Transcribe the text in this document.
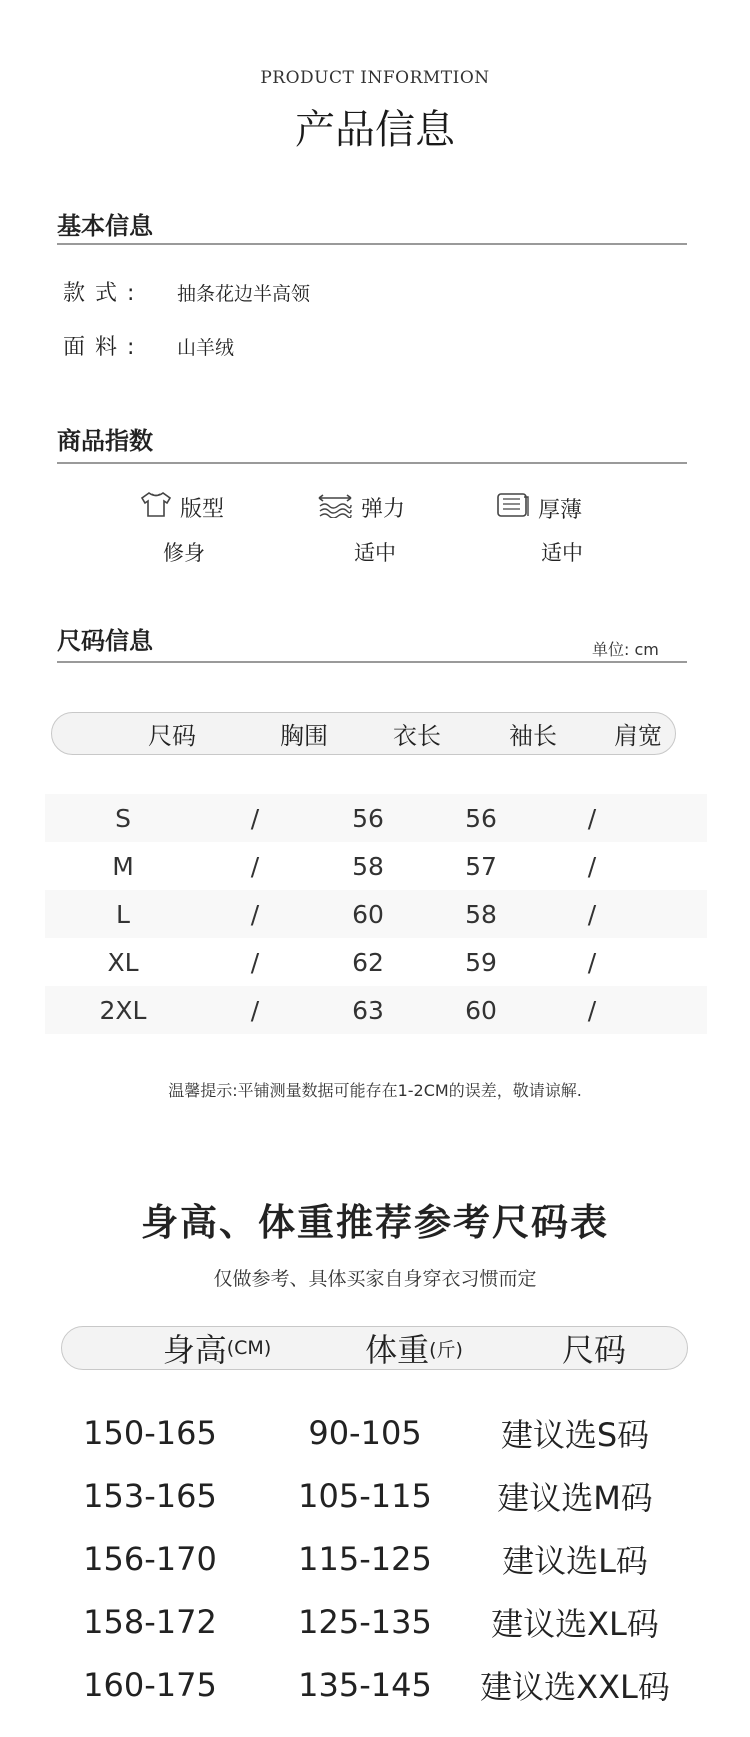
PRODUCT INFORMTION
产品信息
基本信息
款式: 抽条花边半高领
面料: 山羊绒
商品指数
版型	弹力	厚薄
修身	适中	适中
尺码信息	单位: cm
尺码	胸围	衣长	袖长	肩宽
S	/	56	56	/
M	/	58	57	/
L	/	60	58	/
XL	/	62	59	/
2XL	/	63	60	/
温馨提示:平铺测量数据可能存在1-2CM的误差，敬请谅解.
身高、体重推荐参考尺码表
仅做参考、具体买家自身穿衣习惯而定
身高 (CM)	体重 (斤)	尺码
150-165	90-105	建议选S码
153-165	105-115	建议选M码
156-170	115-125	建议选L码
158-172	125-135	建议选XL码
160-175	135-145	建议选XXL码
